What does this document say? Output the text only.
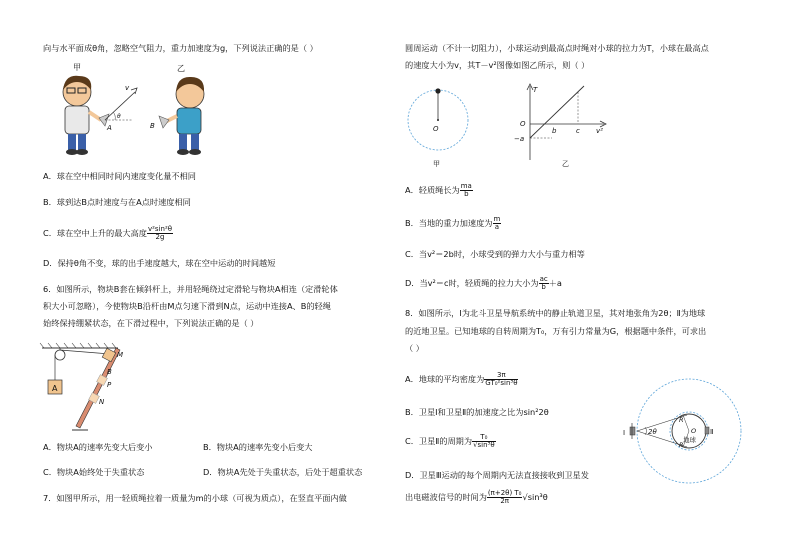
向与水平面成θ角，忽略空气阻力，重力加速度为g，下列说法正确的是（ ）
甲
A
v
θ
乙
B
A．球在空中相同时间内速度变化量不相同
B．球到达B点时速度与在A点时速度相同
C．球在空中上升的最大高度 $\frac{\text{v²sin²θ}}{2g}$
D．保持θ角不变，球的出手速度越大，球在空中运动的时间越短
6．如图所示，物块B套在倾斜杆上，并用轻绳绕过定滑轮与物块A相连（定滑轮体
积大小可忽略），今使物块B沿杆由M点匀速下滑到N点，运动中连接A、B的轻绳
始终保持绷紧状态，在下滑过程中，下列说法正确的是（ ）
A
M
B
P
N
A．物块A的速率先变大后变小	B．物块A的速率先变小后变大
C．物块A始终处于失重状态	D．物块A先处于失重状态，后处于超重状态
7．如图甲所示，用一轻质绳拉着一质量为m的小球（可视为质点），在竖直平面内做
圆周运动（不计一切阻力），小球运动到最高点时绳对小球的拉力为T，小球在最高点
的速度大小为v，其T－v²图像如图乙所示，则（ ）
O
甲
T
O
−a
b	c v²
乙
A．轻质绳长为 $\frac{ma}{b}$
B．当地的重力加速度为 $\frac{m}{a}$
C．当v²＝2b时，小球受到的弹力大小与重力相等
D．当v²＝c时，轻质绳的拉力大小为 $\frac{ac}{b} +a$
8．如图所示，Ⅰ为北斗卫星导航系统中的静止轨道卫星，其对地张角为2θ；Ⅱ为地球
的近地卫星。已知地球的自转周期为T₀，万有引力常量为G，根据题中条件，可求出
（ ）
A．地球的平均密度为 $\frac{3\pi}{\text{GT₀²sin³θ}}$
B．卫星Ⅰ和卫星Ⅱ的加速度之比为sin²2θ
C．卫星Ⅱ的周期为 $\frac{\text{T₀}}{\text{√sin³θ}}$
D．卫星Ⅲ运动的每个周期内无法直接接收到卫星发
出电磁波信号的时间为 $\frac{\text{(π+2θ) T₀}}{2\pi} √\sin^3\theta$
2θ
Ⅰ	Ⅱ
R
R
O
地球
